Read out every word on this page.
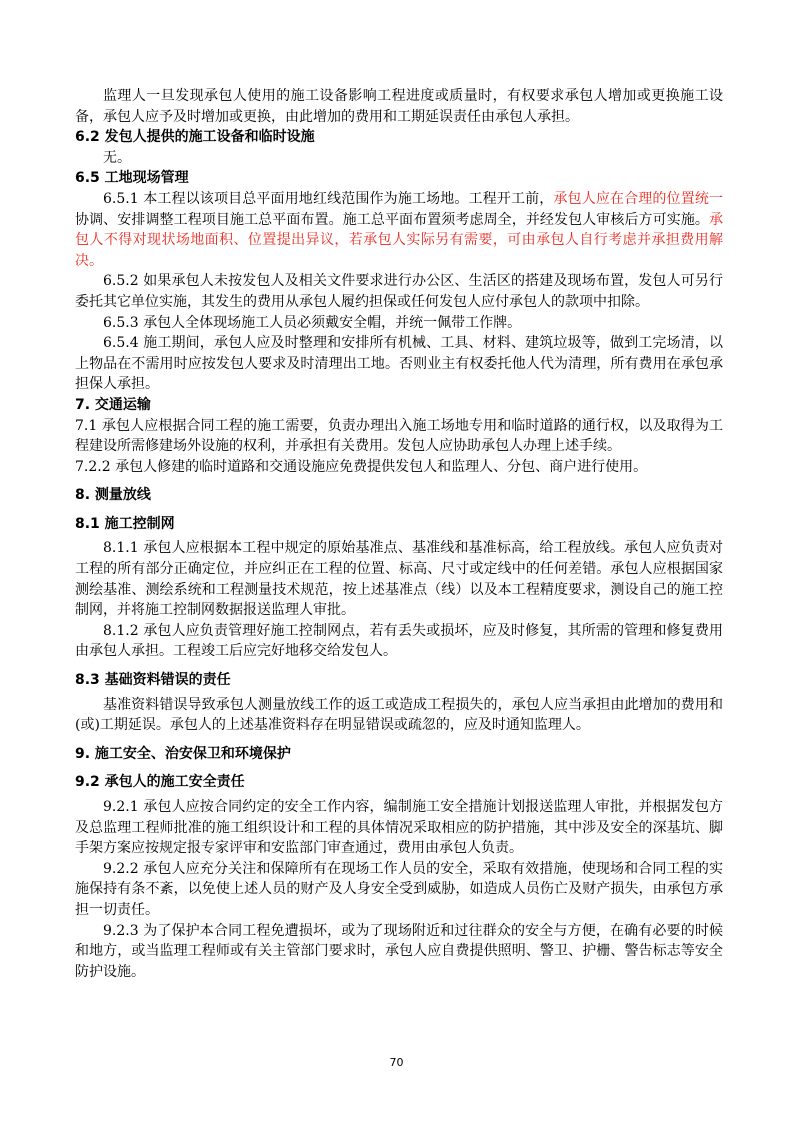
监理人一旦发现承包人使用的施工设备影响工程进度或质量时，有权要求承包人增加或更换施工设备，承包人应予及时增加或更换，由此增加的费用和工期延误责任由承包人承担。

6.2 发包人提供的施工设备和临时设施

无。

6.5 工地现场管理

6.5.1 本工程以该项目总平面用地红线范围作为施工场地。工程开工前，承包人应在合理的位置统一协调、安排调整工程项目施工总平面布置。施工总平面布置须考虑周全，并经发包人审核后方可实施。承包人不得对现状场地面积、位置提出异议，若承包人实际另有需要，可由承包人自行考虑并承担费用解决。

6.5.2 如果承包人未按发包人及相关文件要求进行办公区、生活区的搭建及现场布置，发包人可另行委托其它单位实施，其发生的费用从承包人履约担保或任何发包人应付承包人的款项中扣除。

6.5.3 承包人全体现场施工人员必须戴安全帽，并统一佩带工作牌。

6.5.4 施工期间，承包人应及时整理和安排所有机械、工具、材料、建筑垃圾等，做到工完场清，以上物品在不需用时应按发包人要求及时清理出工地。否则业主有权委托他人代为清理，所有费用在承包承担保人承担。

7. 交通运输

7.1 承包人应根据合同工程的施工需要，负责办理出入施工场地专用和临时道路的通行权，以及取得为工程建设所需修建场外设施的权利，并承担有关费用。发包人应协助承包人办理上述手续。

7.2.2 承包人修建的临时道路和交通设施应免费提供发包人和监理人、分包、商户进行使用。

8. 测量放线

8.1 施工控制网

8.1.1 承包人应根据本工程中规定的原始基准点、基准线和基准标高，给工程放线。承包人应负责对工程的所有部分正确定位，并应纠正在工程的位置、标高、尺寸或定线中的任何差错。承包人应根据国家测绘基准、测绘系统和工程测量技术规范，按上述基准点（线）以及本工程精度要求，测设自己的施工控制网，并将施工控制网数据报送监理人审批。

8.1.2 承包人应负责管理好施工控制网点，若有丢失或损坏，应及时修复，其所需的管理和修复费用由承包人承担。工程竣工后应完好地移交给发包人。

8.3 基础资料错误的责任

基准资料错误导致承包人测量放线工作的返工或造成工程损失的，承包人应当承担由此增加的费用和(或)工期延误。承包人的上述基准资料存在明显错误或疏忽的，应及时通知监理人。

9. 施工安全、治安保卫和环境保护

9.2 承包人的施工安全责任

9.2.1 承包人应按合同约定的安全工作内容，编制施工安全措施计划报送监理人审批，并根据发包方及总监理工程师批准的施工组织设计和工程的具体情况采取相应的防护措施，其中涉及安全的深基坑、脚手架方案应按规定报专家评审和安监部门审查通过，费用由承包人负责。

9.2.2 承包人应充分关注和保障所有在现场工作人员的安全，采取有效措施，使现场和合同工程的实施保持有条不紊，以免使上述人员的财产及人身安全受到威胁，如造成人员伤亡及财产损失，由承包方承担一切责任。

9.2.3 为了保护本合同工程免遭损坏，或为了现场附近和过往群众的安全与方便，在确有必要的时候和地方，或当监理工程师或有关主管部门要求时，承包人应自费提供照明、警卫、护栅、警告标志等安全防护设施。

70
